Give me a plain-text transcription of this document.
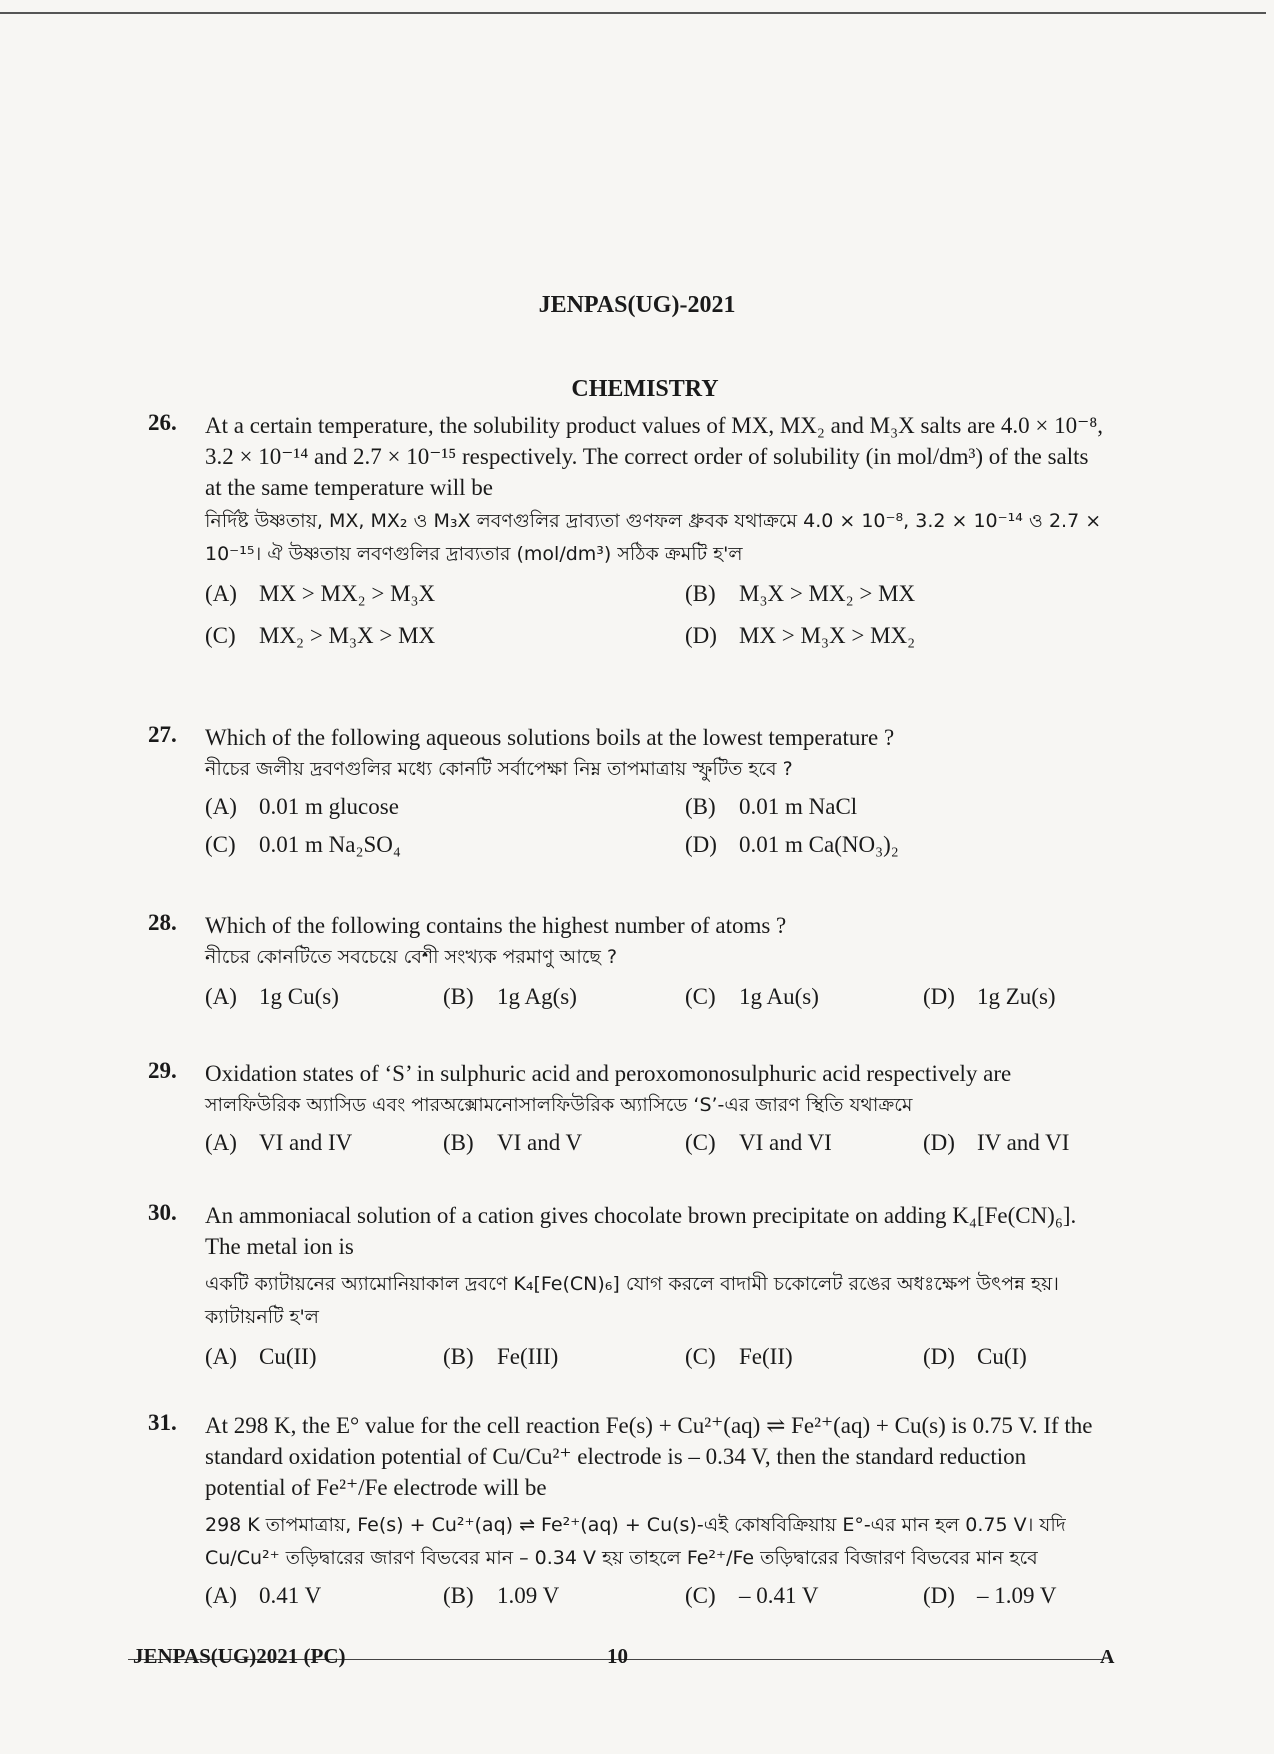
JENPAS(UG)-2021
CHEMISTRY
26. At a certain temperature, the solubility product values of MX, MX₂ and M₃X salts are 4.0 × 10⁻⁸, 3.2 × 10⁻¹⁴ and 2.7 × 10⁻¹⁵ respectively. The correct order of solubility (in mol/dm³) of the salts at the same temperature will be
নির্দিষ্ট উষ্ণতায়, MX, MX₂ ও M₃X লবণগুলির দ্রাব্যতা গুণফল ধ্রুবক যথাক্রমে 4.0 × 10⁻⁸, 3.2 × 10⁻¹⁴ ও 2.7 × 10⁻¹⁵। ঐ উষ্ণতায় লবণগুলির দ্রাব্যতার (mol/dm³) সঠিক ক্রমটি হ'ল
(A) MX > MX₂ > M₃X	(B) M₃X > MX₂ > MX
(C) MX₂ > M₃X > MX	(D) MX > M₃X > MX₂
27. Which of the following aqueous solutions boils at the lowest temperature ?
নীচের জলীয় দ্রবণগুলির মধ্যে কোনটি সর্বাপেক্ষা নিম্ন তাপমাত্রায় স্ফুটিত হবে ?
(A) 0.01 m glucose	(B) 0.01 m NaCl
(C) 0.01 m Na₂SO₄	(D) 0.01 m Ca(NO₃)₂
28. Which of the following contains the highest number of atoms ?
নীচের কোনটিতে সবচেয়ে বেশী সংখ্যক পরমাণু আছে ?
(A) 1g Cu(s)	(B) 1g Ag(s)	(C) 1g Au(s)	(D) 1g Zu(s)
29. Oxidation states of ‘S’ in sulphuric acid and peroxomonosulphuric acid respectively are
সালফিউরিক অ্যাসিড এবং পারঅক্সোমনোসালফিউরিক অ্যাসিডে ‘S’-এর জারণ স্থিতি যথাক্রমে
(A) VI and IV	(B) VI and V	(C) VI and VI	(D) IV and VI
30. An ammoniacal solution of a cation gives chocolate brown precipitate on adding K₄[Fe(CN)₆]. The metal ion is
একটি ক্যাটায়নের অ্যামোনিয়াকাল দ্রবণে K₄[Fe(CN)₆] যোগ করলে বাদামী চকোলেট রঙের অধঃক্ষেপ উৎপন্ন হয়। ক্যাটায়নটি হ'ল
(A) Cu(II)	(B) Fe(III)	(C) Fe(II)	(D) Cu(I)
31. At 298 K, the E° value for the cell reaction Fe(s) + Cu²⁺(aq) ⇌ Fe²⁺(aq) + Cu(s) is 0.75 V. If the standard oxidation potential of Cu/Cu²⁺ electrode is – 0.34 V, then the standard reduction potential of Fe²⁺/Fe electrode will be
298 K তাপমাত্রায়, Fe(s) + Cu²⁺(aq) ⇌ Fe²⁺(aq) + Cu(s)-এই কোষবিক্রিয়ায় E°-এর মান হল 0.75 V। যদি Cu/Cu²⁺ তড়িদ্বারের জারণ বিভবের মান – 0.34 V হয় তাহলে Fe²⁺/Fe তড়িদ্বারের বিজারণ বিভবের মান হবে
(A) 0.41 V	(B) 1.09 V	(C) – 0.41 V	(D) – 1.09 V
JENPAS(UG)2021 (PC)	10	A
